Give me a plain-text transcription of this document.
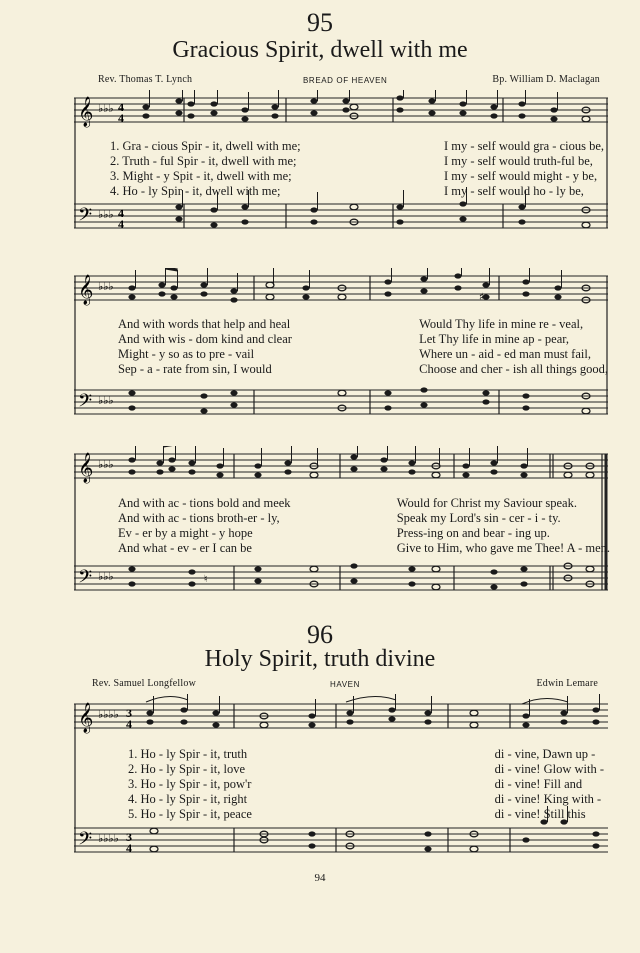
95
Gracious Spirit, dwell with me
Rev. Thomas T. Lynch	BREAD OF HEAVEN	Bp. William D. Maclagan
𝄞
𝄢
♭♭♭
♭♭♭
4
4
4
4
1. Gra - cious Spir - it, dwell with me;
2. Truth - ful Spir - it, dwell with me;
3. Might - y Spit - it, dwell with me;
4. Ho - ly Spir - it, dwell with me;
I my - self would gra - cious be,
I my - self would truth-ful be,
I my - self would might - y be,
I my - self would ho - ly be,
𝄞
𝄢
♭♭♭
♭♭♭
♯
And with words that help and heal
And with wis - dom kind and clear
Might - y so as to pre - vail
Sep - a - rate from sin, I would
Would Thy life in mine re - veal,
Let Thy life in mine ap - pear,
Where un - aid - ed man must fail,
Choose and cher - ish all things good,
𝄞
𝄢
♭♭♭
♭♭♭	♮
And with ac - tions bold and meek
And with ac - tions broth-er - ly,
Ev - er by a might - y hope
And what - ev - er I can be
Would for Christ my Saviour speak.
Speak my Lord's sin - cer - i - ty.
Press-ing on and bear - ing up.
Give to Him, who gave me Thee! A - men.
96
Holy Spirit, truth divine
Rev. Samuel Longfellow	HAVEN	Edwin Lemare
𝄞
𝄢
♭♭♭♭
♭♭♭♭
3
4
3
4
1. Ho - ly Spir - it, truth
2. Ho - ly Spir - it, love
3. Ho - ly Spir - it, pow'r
4. Ho - ly Spir - it, right
5. Ho - ly Spir - it, peace
di - vine, Dawn up -
di - vine! Glow with -
di - vine! Fill and
di - vine! King with -
di - vine! Still this
94
